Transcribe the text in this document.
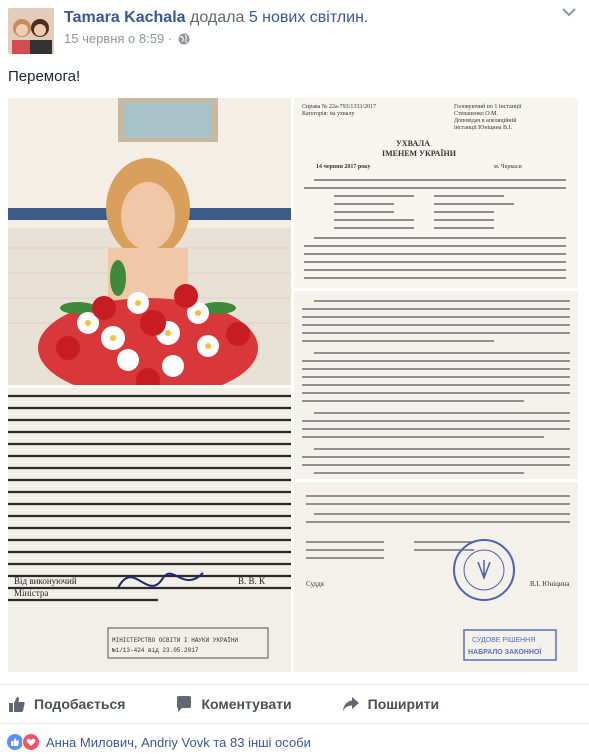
Tamara Kachala додала 5 нових світлин.
15 червня о 8:59 ·
Перемога!
Справа № 22а-793/1333/2017
Категорія: на ухвалу
Головуючий по 1 інстанції
Степаненко О.М.
Доповідач в апеляційній
інстанції Юніцина В.І.
УХВАЛА
ІМЕНЕМ УКРАЇНИ
14 червня 2017 року	м. Черкаси
Від виконуючий
Міністра
В. В. К
МІНІСТЕРСТВО ОСВІТИ І НАУКИ УКРАЇНИ
№1/13-424 від 23.05.2017
Суддя	В.І. Юніцина
СУДОВЕ РІШЕННЯ
НАБРАЛО ЗАКОННОЇ
Подобається	Коментувати	Поширити
Анна Милович, Andriy Vovk та 83 інші особи
